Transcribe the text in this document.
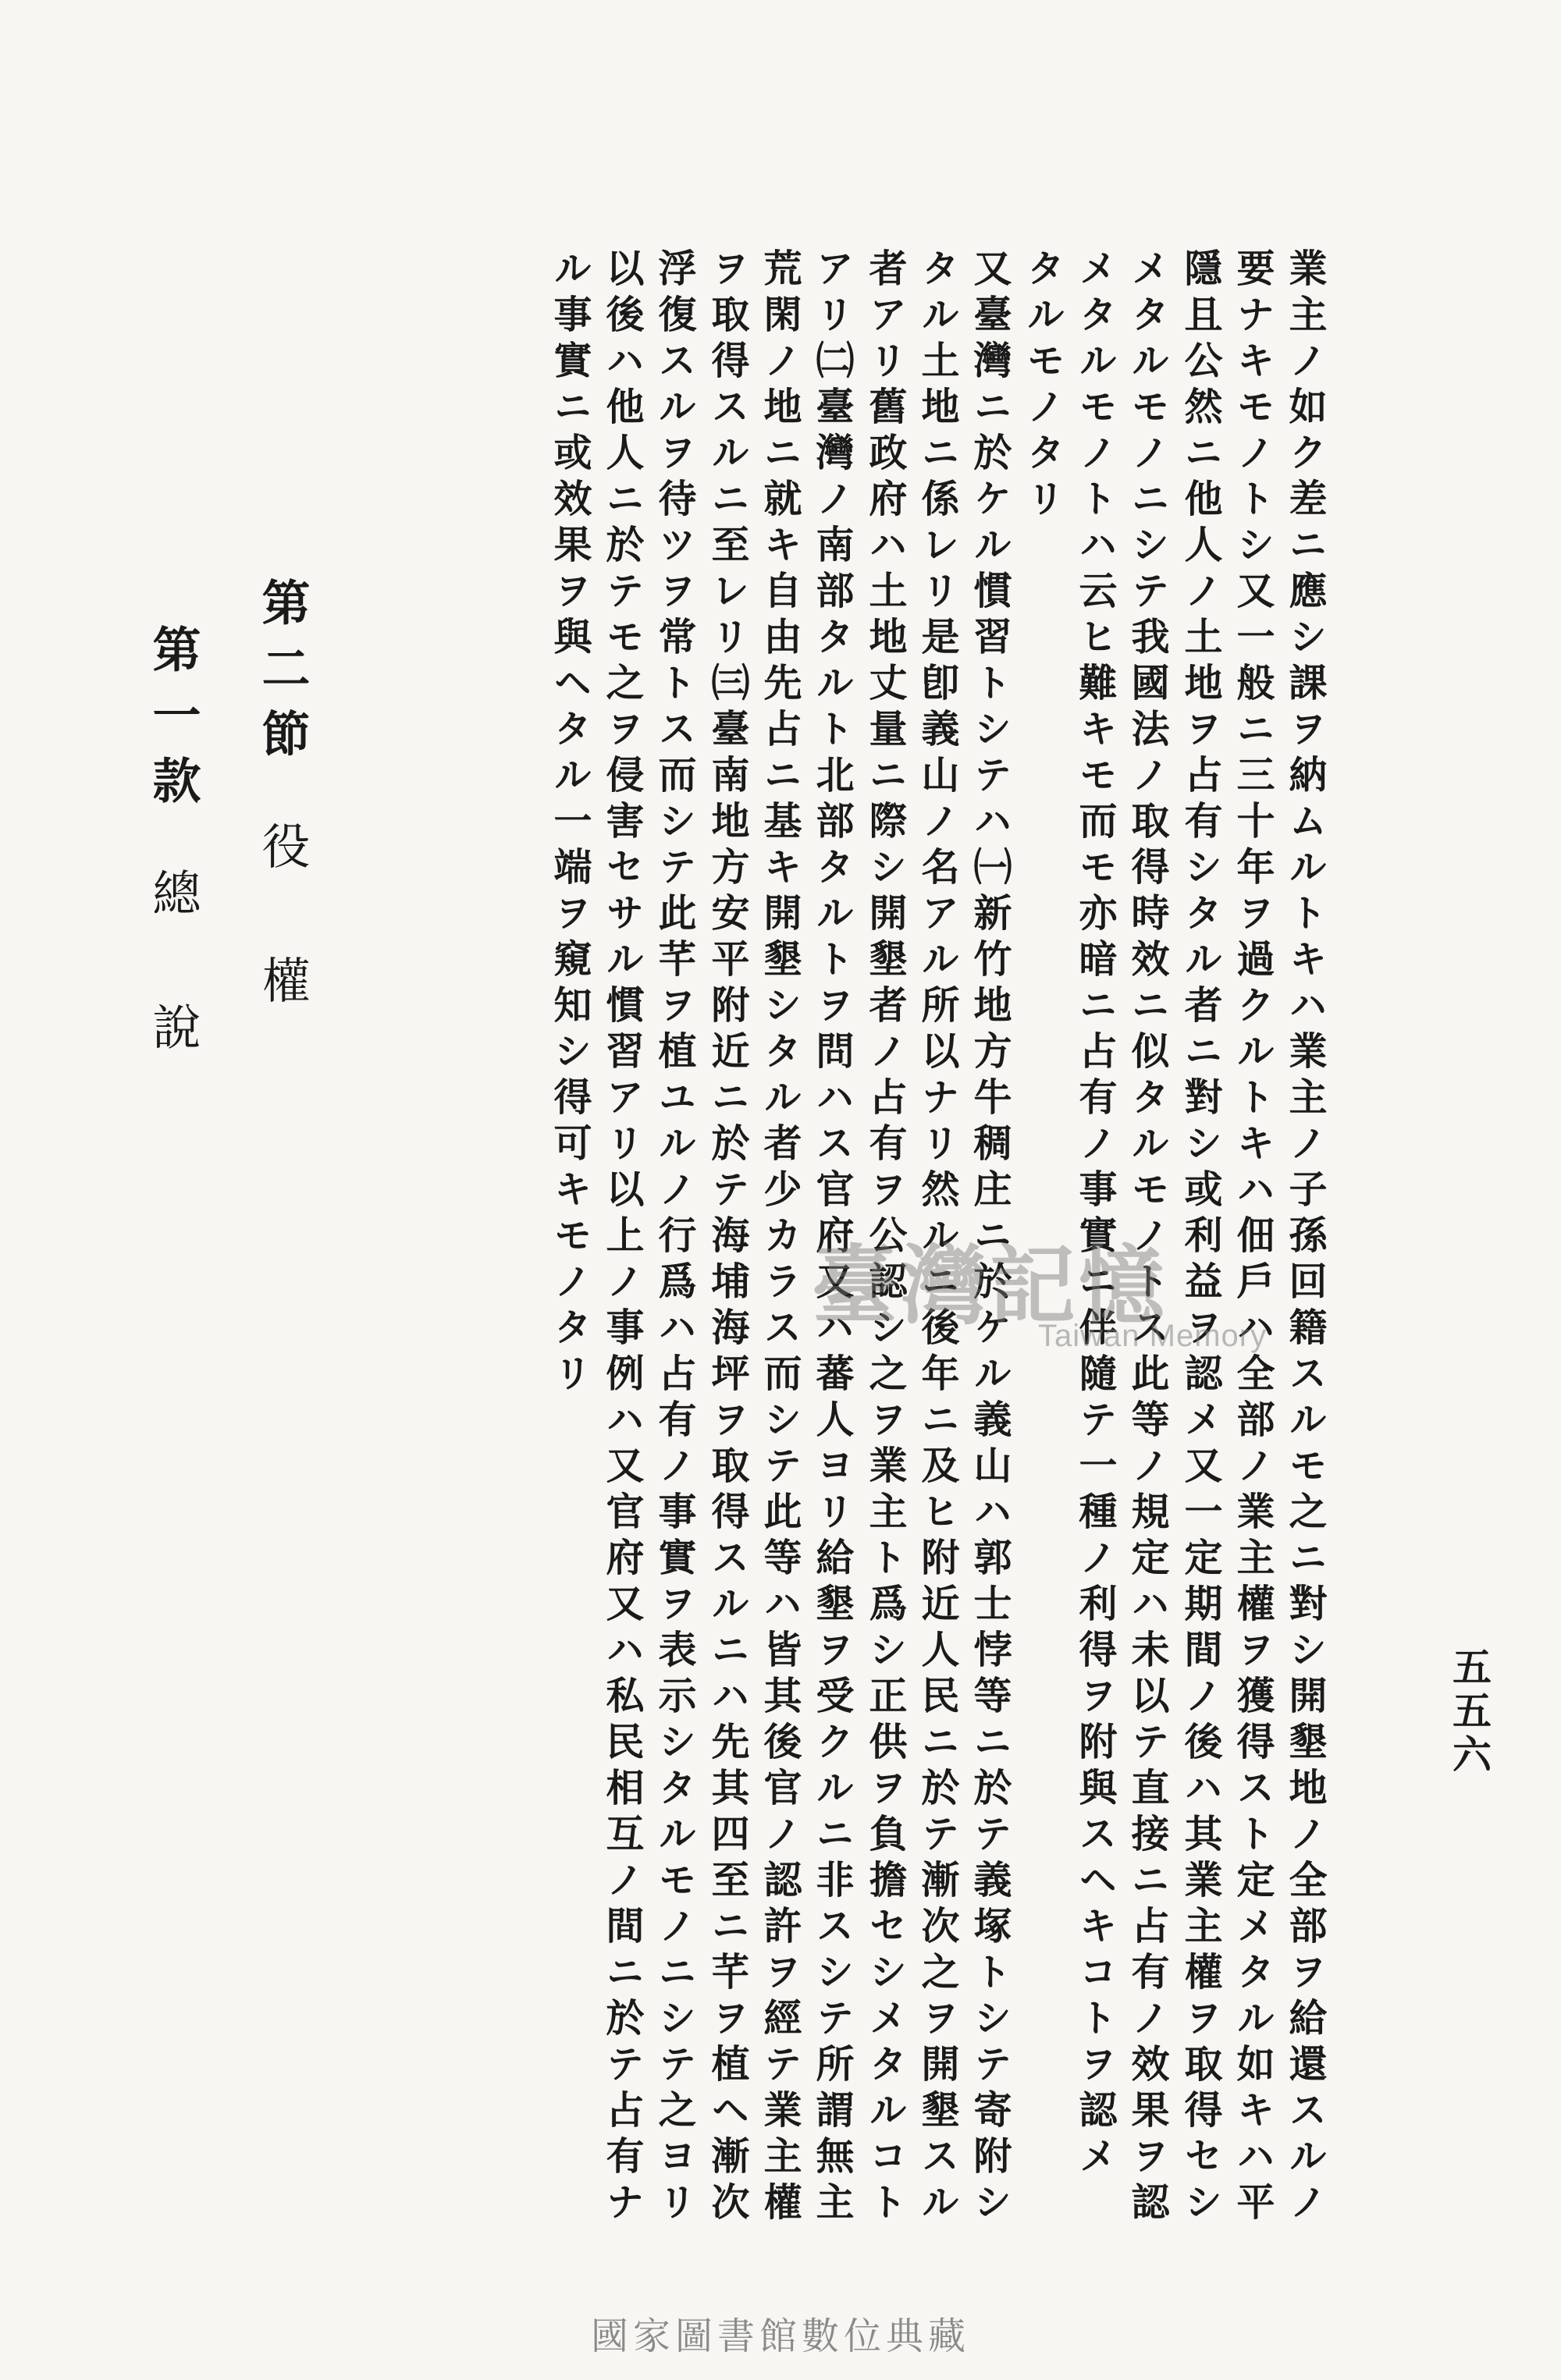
五五六
業主ノ如ク差ニ應シ課ヲ納ムルトキハ業主ノ子孫回籍スルモ之ニ對シ開墾地ノ全部ヲ給還スルノ
要ナキモノトシ又一般ニ三十年ヲ過クルトキハ佃戶ハ全部ノ業主權ヲ獲得スト定メタル如キハ平
隱且公然ニ他人ノ土地ヲ占有シタル者ニ對シ或利益ヲ認メ又一定期間ノ後ハ其業主權ヲ取得セシ
メタルモノニシテ我國法ノ取得時效ニ似タルモノトス此等ノ規定ハ未以テ直接ニ占有ノ效果ヲ認
メタルモノトハ云ヒ難キモ而モ亦暗ニ占有ノ事實ニ伴隨テ一種ノ利得ヲ附與スヘキコトヲ認メ
タルモノタリ
又臺灣ニ於ケル慣習トシテハ㈠新竹地方牛稠庄ニ於ケル義山ハ郭士悖等ニ於テ義塚トシテ寄附シ
タル土地ニ係レリ是卽義山ノ名アル所以ナリ然ルニ後年ニ及ヒ附近人民ニ於テ漸次之ヲ開墾スル
者アリ舊政府ハ土地丈量ニ際シ開墾者ノ占有ヲ公認シ之ヲ業主ト爲シ正供ヲ負擔セシメタルコト
アリ㈡臺灣ノ南部タルト北部タルトヲ問ハス官府又ハ蕃人ヨリ給墾ヲ受クルニ非スシテ所謂無主
荒閑ノ地ニ就キ自由先占ニ基キ開墾シタル者少カラス而シテ此等ハ皆其後官ノ認許ヲ經テ業主權
ヲ取得スルニ至レリ㈢臺南地方安平附近ニ於テ海埔海坪ヲ取得スルニハ先其四至ニ芊ヲ植ヘ漸次
浮復スルヲ待ツヲ常トス而シテ此芊ヲ植ユルノ行爲ハ占有ノ事實ヲ表示シタルモノニシテ之ヨリ
以後ハ他人ニ於テモ之ヲ侵害セサル慣習アリ以上ノ事例ハ又官府又ハ私民相互ノ間ニ於テ占有ナ
ル事實ニ或效果ヲ與ヘタル一端ヲ窺知シ得可キモノタリ
第二節役權
第一款總說
臺灣記憶
Taiwan Memory
國家圖書館數位典藏
